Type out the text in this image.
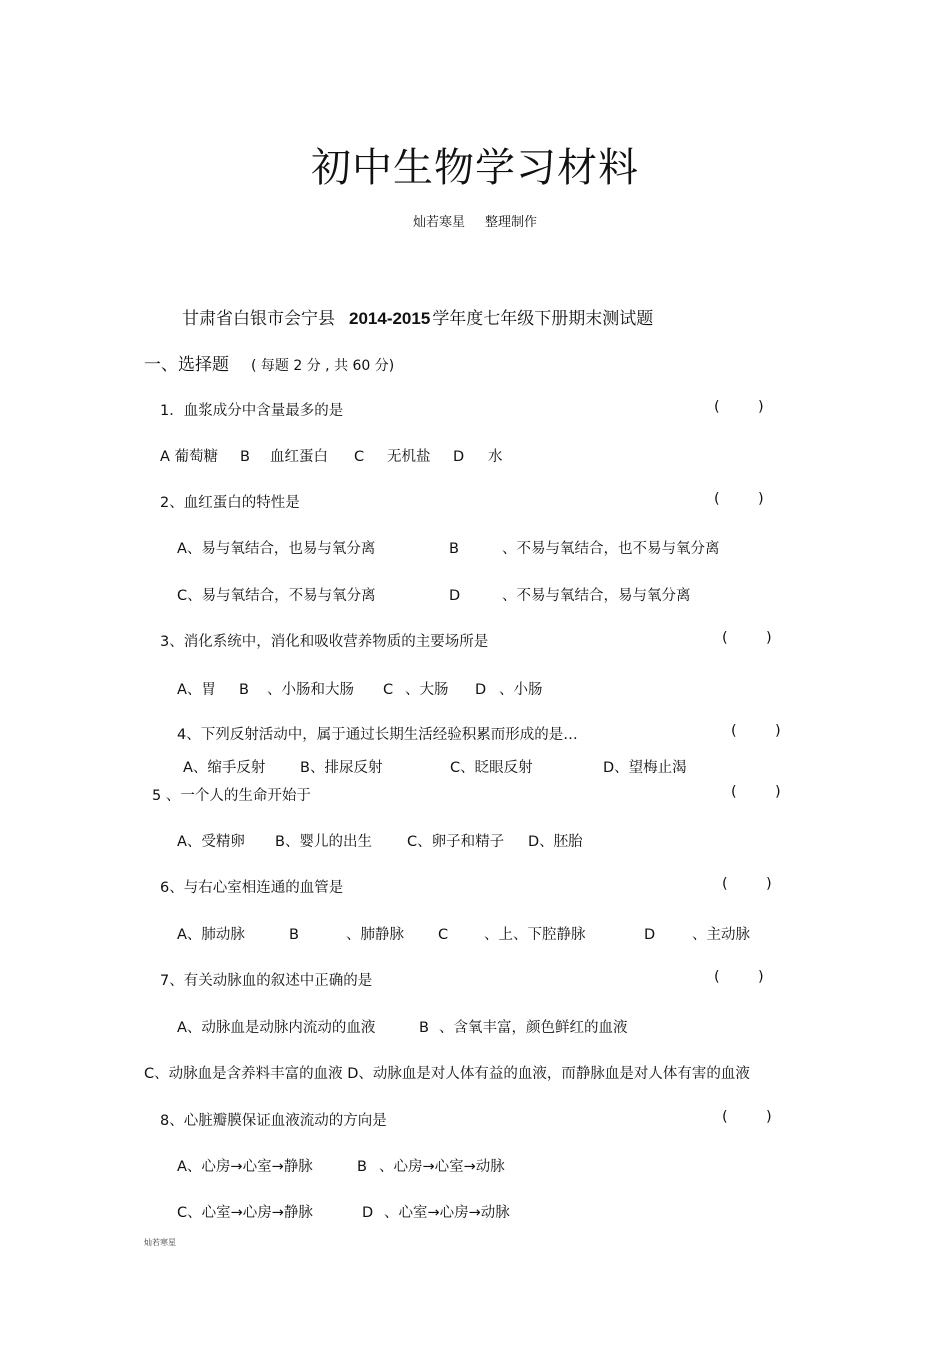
初中生物学习材料
灿若寒星 整理制作
甘肃省白银市会宁县 2014-2015 学年度七年级下册期末测试题
一、选择题 ( 每题 2 分 , 共 60 分)
1．血浆成分中含量最多的是	(	)
A 葡萄糖 B 血红蛋白 C 无机盐 D 水
2、血红蛋白的特性是	(	)
A、易与氧结合，也易与氧分离	B	、不易与氧结合，也不易与氧分离
C、易与氧结合，不易与氧分离	D	、不易与氧结合，易与氧分离
3、消化系统中，消化和吸收营养物质的主要场所是	(	)
A、胃 B 、小肠和大肠 C 、大肠 D 、小肠
4、下列反射活动中，属于通过长期生活经验积累而形成的是…	(	)
A、缩手反射 B、排尿反射	C、眨眼反射	D、望梅止渴
5 、一个人的生命开始于	(	)
A、受精卵 B、婴儿的出生 C、卵子和精子 D、胚胎
6、与右心室相连通的血管是	(	)
A、肺动脉	B	、肺静脉 C 、上、下腔静脉	D	、主动脉
7、有关动脉血的叙述中正确的是	(	)
A、动脉血是动脉内流动的血液	B 、含氧丰富，颜色鲜红的血液
C、动脉血是含养料丰富的血液 D、动脉血是对人体有益的血液，而静脉血是对人体有害的血液
8、心脏瓣膜保证血液流动的方向是	(	)
A、心房→心室→静脉	B 、心房→心室→动脉
C、心室→心房→静脉	D 、心室→心房→动脉
灿若寒星
